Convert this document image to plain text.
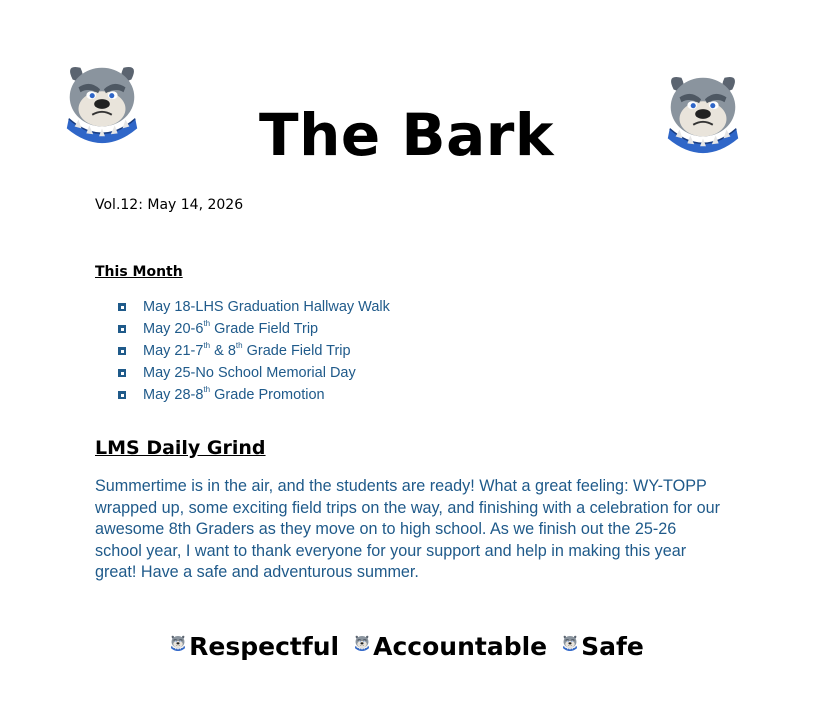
The Bark
Vol.12: May 14, 2026
This Month
May 18-LHS Graduation Hallway Walk
May 20-6th Grade Field Trip
May 21-7th & 8th Grade Field Trip
May 25-No School Memorial Day
May 28-8th Grade Promotion
LMS Daily Grind

Summertime is in the air, and the students are ready! What a great feeling: WY-TOPP wrapped up, some exciting field trips on the way, and finishing with a celebration for our awesome 8th Graders as they move on to high school. As we finish out the 25-26 school year, I want to thank everyone for your support and help in making this year great! Have a safe and adventurous summer.

Respectful Accountable Safe
